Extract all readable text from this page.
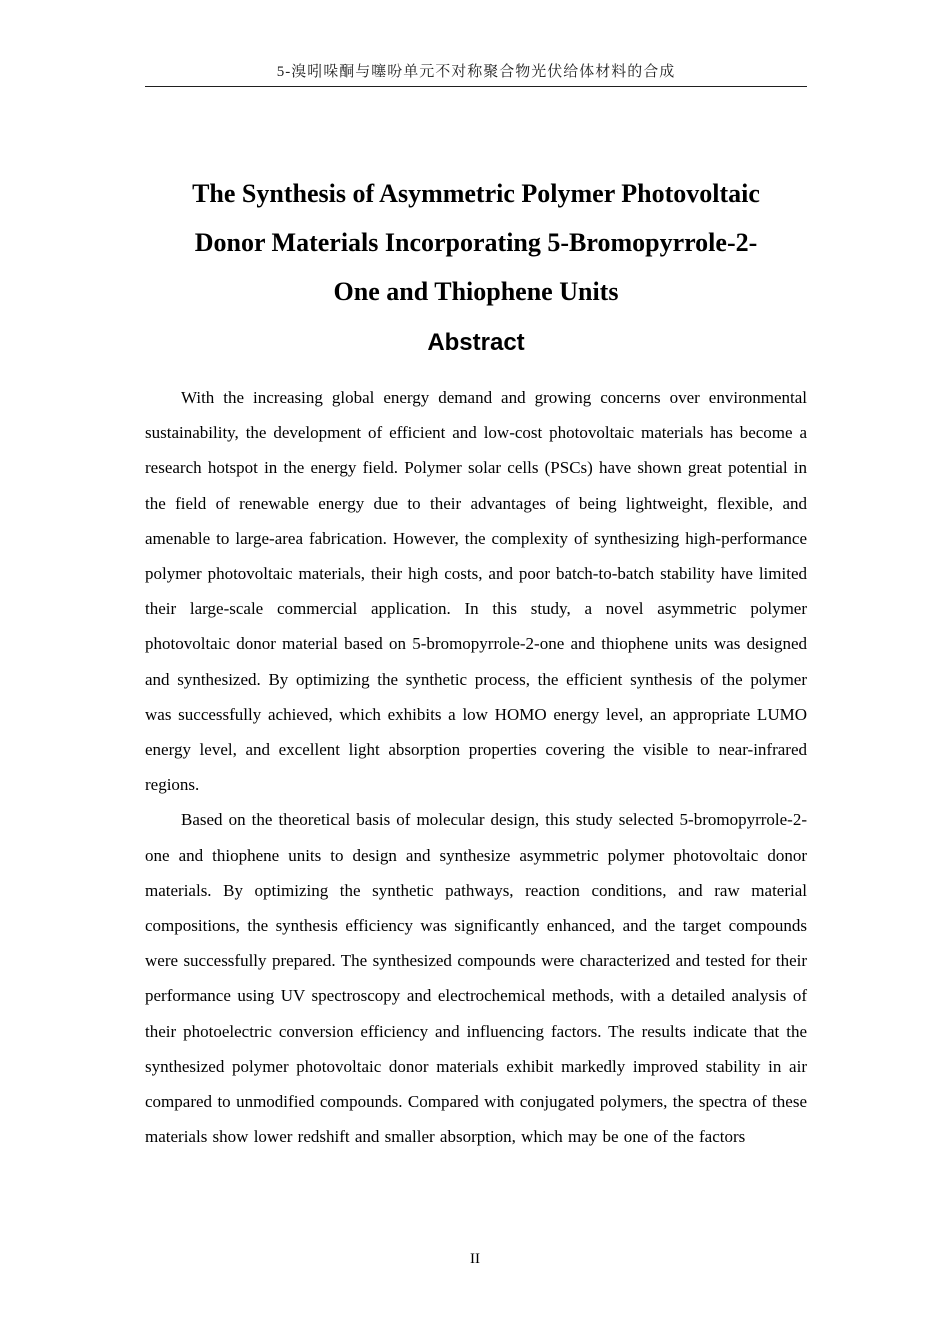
5-溴吲哚酮与噻吩单元不对称聚合物光伏给体材料的合成
The Synthesis of Asymmetric Polymer Photovoltaic
Donor Materials Incorporating 5-Bromopyrrole-2-
One and Thiophene Units
Abstract

With the increasing global energy demand and growing concerns over environmental sustainability, the development of efficient and low-cost photovoltaic materials has become a research hotspot in the energy field. Polymer solar cells (PSCs) have shown great potential in the field of renewable energy due to their advantages of being lightweight, flexible, and amenable to large-area fabrication. However, the complexity of synthesizing high-performance polymer photovoltaic materials, their high costs, and poor batch-to-batch stability have limited their large-scale commercial application. In this study, a novel asymmetric polymer photovoltaic donor material based on 5-bromopyrrole-2-one and thiophene units was designed and synthesized. By optimizing the synthetic process, the efficient synthesis of the polymer was successfully achieved, which exhibits a low HOMO energy level, an appropriate LUMO energy level, and excellent light absorption properties covering the visible to near-infrared regions.

Based on the theoretical basis of molecular design, this study selected 5-bromopyrrole-2-one and thiophene units to design and synthesize asymmetric polymer photovoltaic donor materials. By optimizing the synthetic pathways, reaction conditions, and raw material compositions, the synthesis efficiency was significantly enhanced, and the target compounds were successfully prepared. The synthesized compounds were characterized and tested for their performance using UV spectroscopy and electrochemical methods, with a detailed analysis of their photoelectric conversion efficiency and influencing factors. The results indicate that the synthesized polymer photovoltaic donor materials exhibit markedly improved stability in air compared to unmodified compounds. Compared with conjugated polymers, the spectra of these materials show lower redshift and smaller absorption, which may be one of the factors

II
